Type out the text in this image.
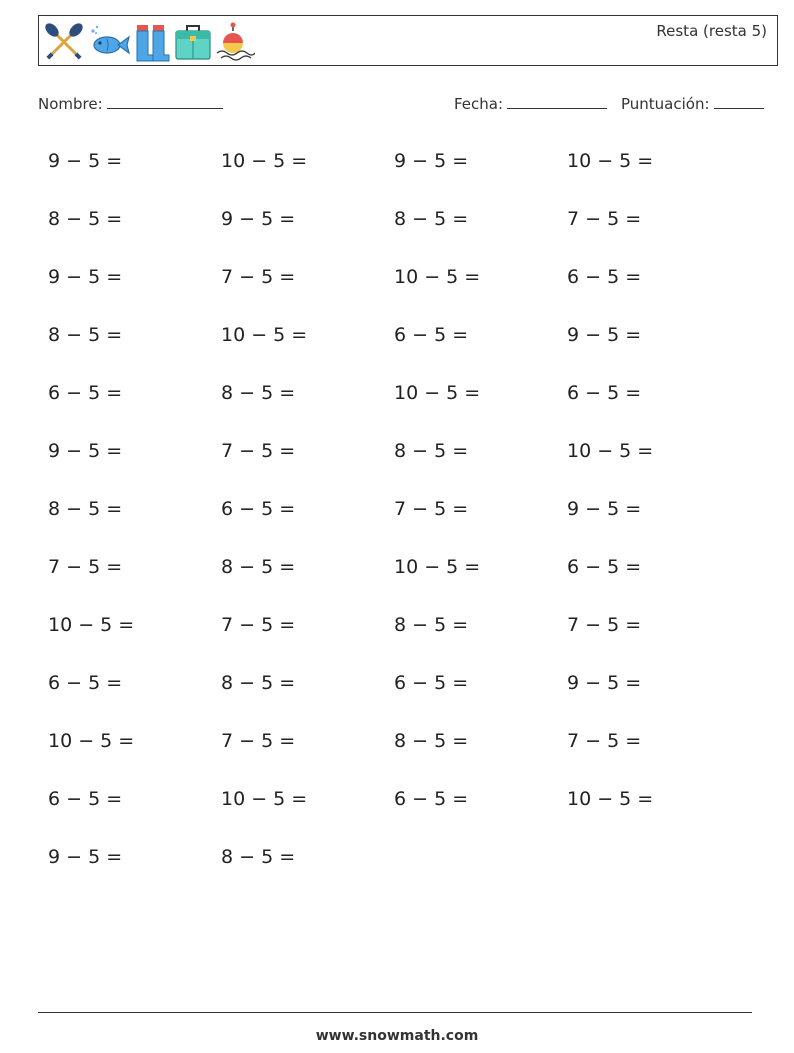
Resta (resta 5)
Nombre:	Fecha:	Puntuación:
9 − 5 =	10 − 5 =	9 − 5 =	10 − 5 =
8 − 5 =	9 − 5 =	8 − 5 =	7 − 5 =
9 − 5 =	7 − 5 =	10 − 5 =	6 − 5 =
8 − 5 =	10 − 5 =	6 − 5 =	9 − 5 =
6 − 5 =	8 − 5 =	10 − 5 =	6 − 5 =
9 − 5 =	7 − 5 =	8 − 5 =	10 − 5 =
8 − 5 =	6 − 5 =	7 − 5 =	9 − 5 =
7 − 5 =	8 − 5 =	10 − 5 =	6 − 5 =
10 − 5 =	7 − 5 =	8 − 5 =	7 − 5 =
6 − 5 =	8 − 5 =	6 − 5 =	9 − 5 =
10 − 5 =	7 − 5 =	8 − 5 =	7 − 5 =
6 − 5 =	10 − 5 =	6 − 5 =	10 − 5 =
9 − 5 =	8 − 5 =
www.snowmath.com
